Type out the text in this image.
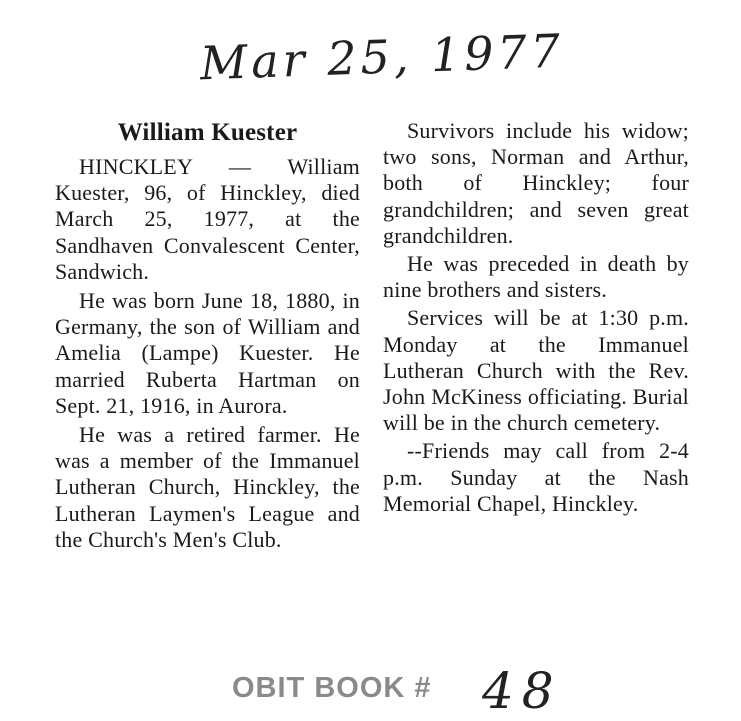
Mar 25, 1977
William Kuester

HINCKLEY — William Kuester, 96, of Hinckley, died March 25, 1977, at the Sandhaven Convalescent Center, Sandwich.

He was born June 18, 1880, in Germany, the son of William and Amelia (Lampe) Kuester. He married Ruberta Hartman on Sept. 21, 1916, in Aurora.

He was a retired farmer. He was a member of the Immanuel Lutheran Church, Hinckley, the Lutheran Laymen's League and the Church's Men's Club.

Survivors include his widow; two sons, Norman and Arthur, both of Hinckley; four grandchildren; and seven great grandchildren.

He was preceded in death by nine brothers and sisters.

Services will be at 1:30 p.m. Monday at the Immanuel Lutheran Church with the Rev. John McKiness officiating. Burial will be in the church cemetery.

--Friends may call from 2-4 p.m. Sunday at the Nash Memorial Chapel, Hinckley.

OBIT BOOK # 48
